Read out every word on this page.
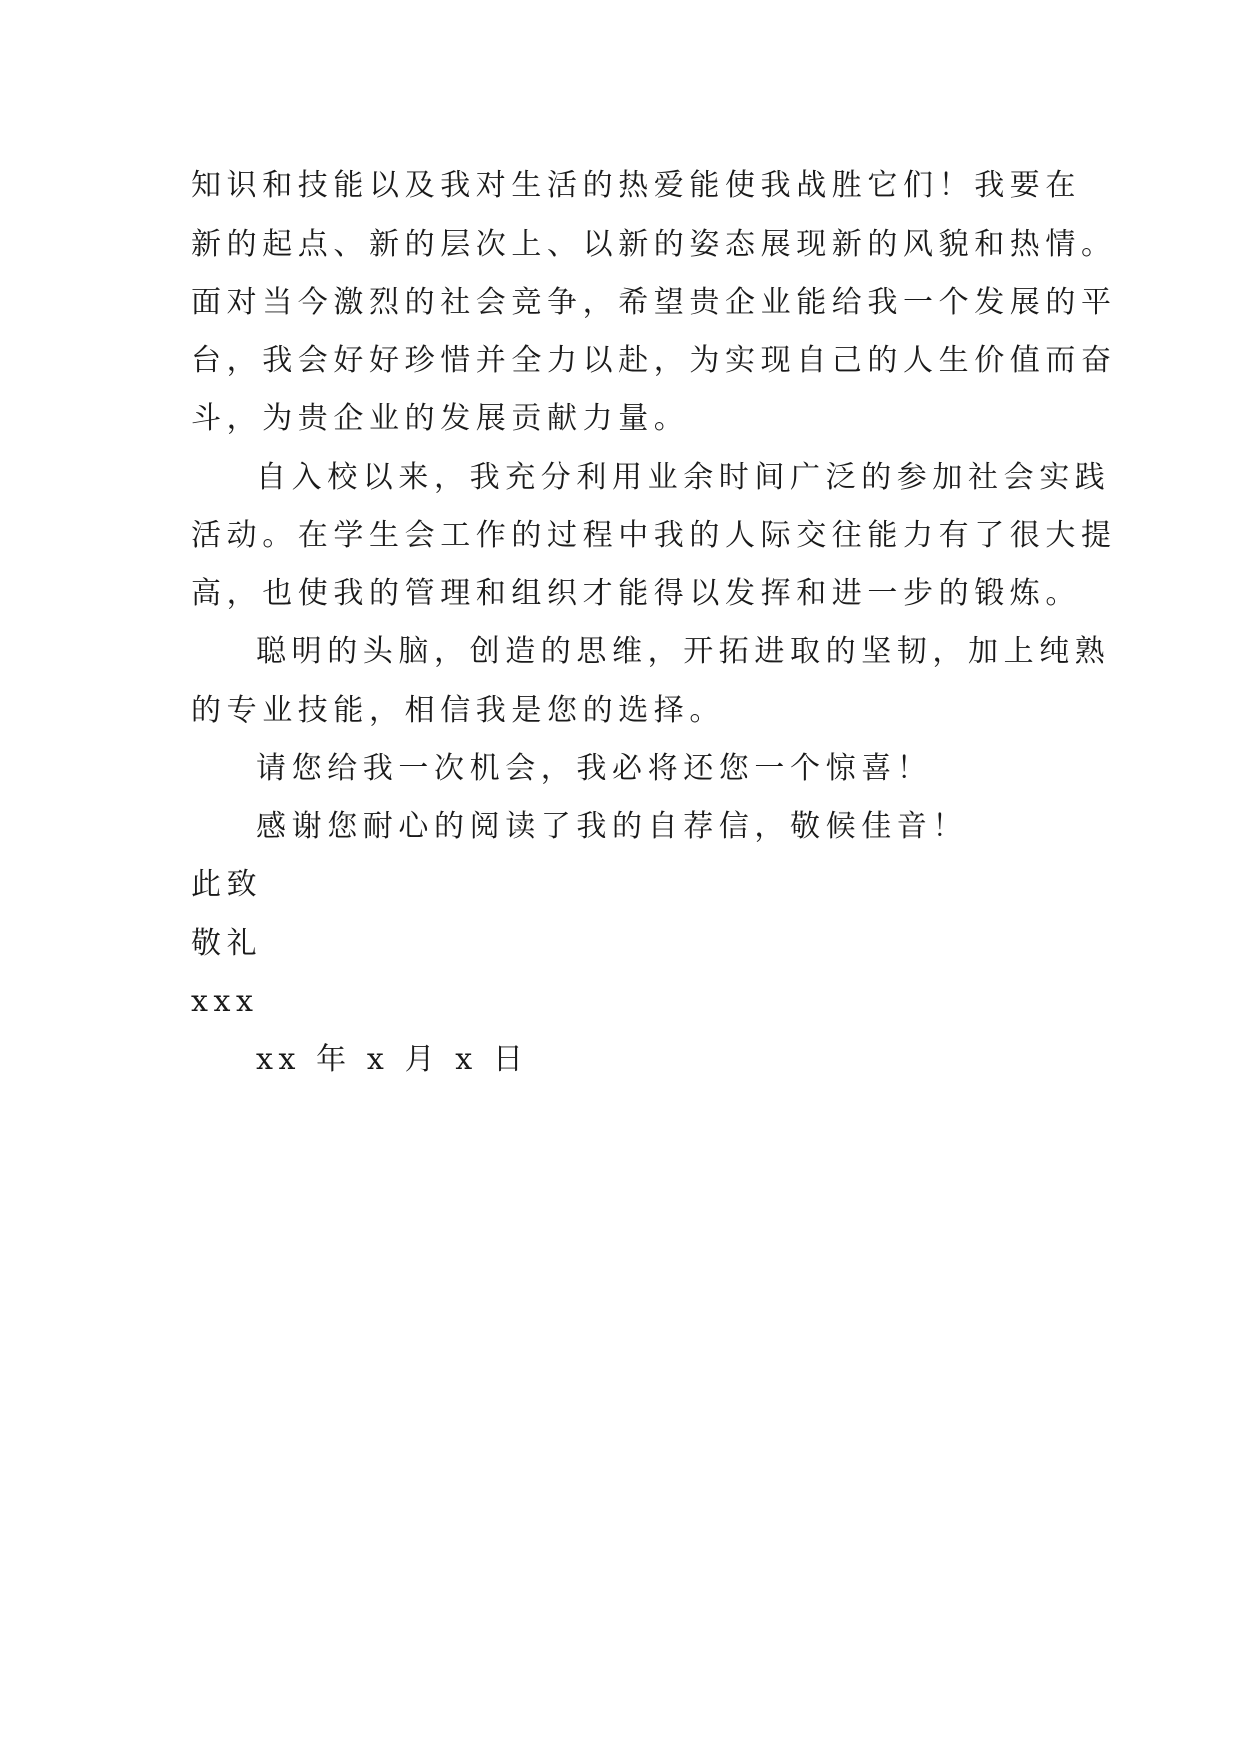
知识和技能以及我对生活的热爱能使我战胜它们！我要在
新的起点、新的层次上、以新的姿态展现新的风貌和热情。
面对当今激烈的社会竞争，希望贵企业能给我一个发展的平
台，我会好好珍惜并全力以赴，为实现自己的人生价值而奋
斗，为贵企业的发展贡献力量。
自入校以来，我充分利用业余时间广泛的参加社会实践
活动。在学生会工作的过程中我的人际交往能力有了很大提
高，也使我的管理和组织才能得以发挥和进一步的锻炼。
聪明的头脑，创造的思维，开拓进取的坚韧，加上纯熟
的专业技能，相信我是您的选择。
请您给我一次机会，我必将还您一个惊喜！
感谢您耐心的阅读了我的自荐信，敬候佳音！
此致
敬礼
xxx
xx 年 x 月 x 日
